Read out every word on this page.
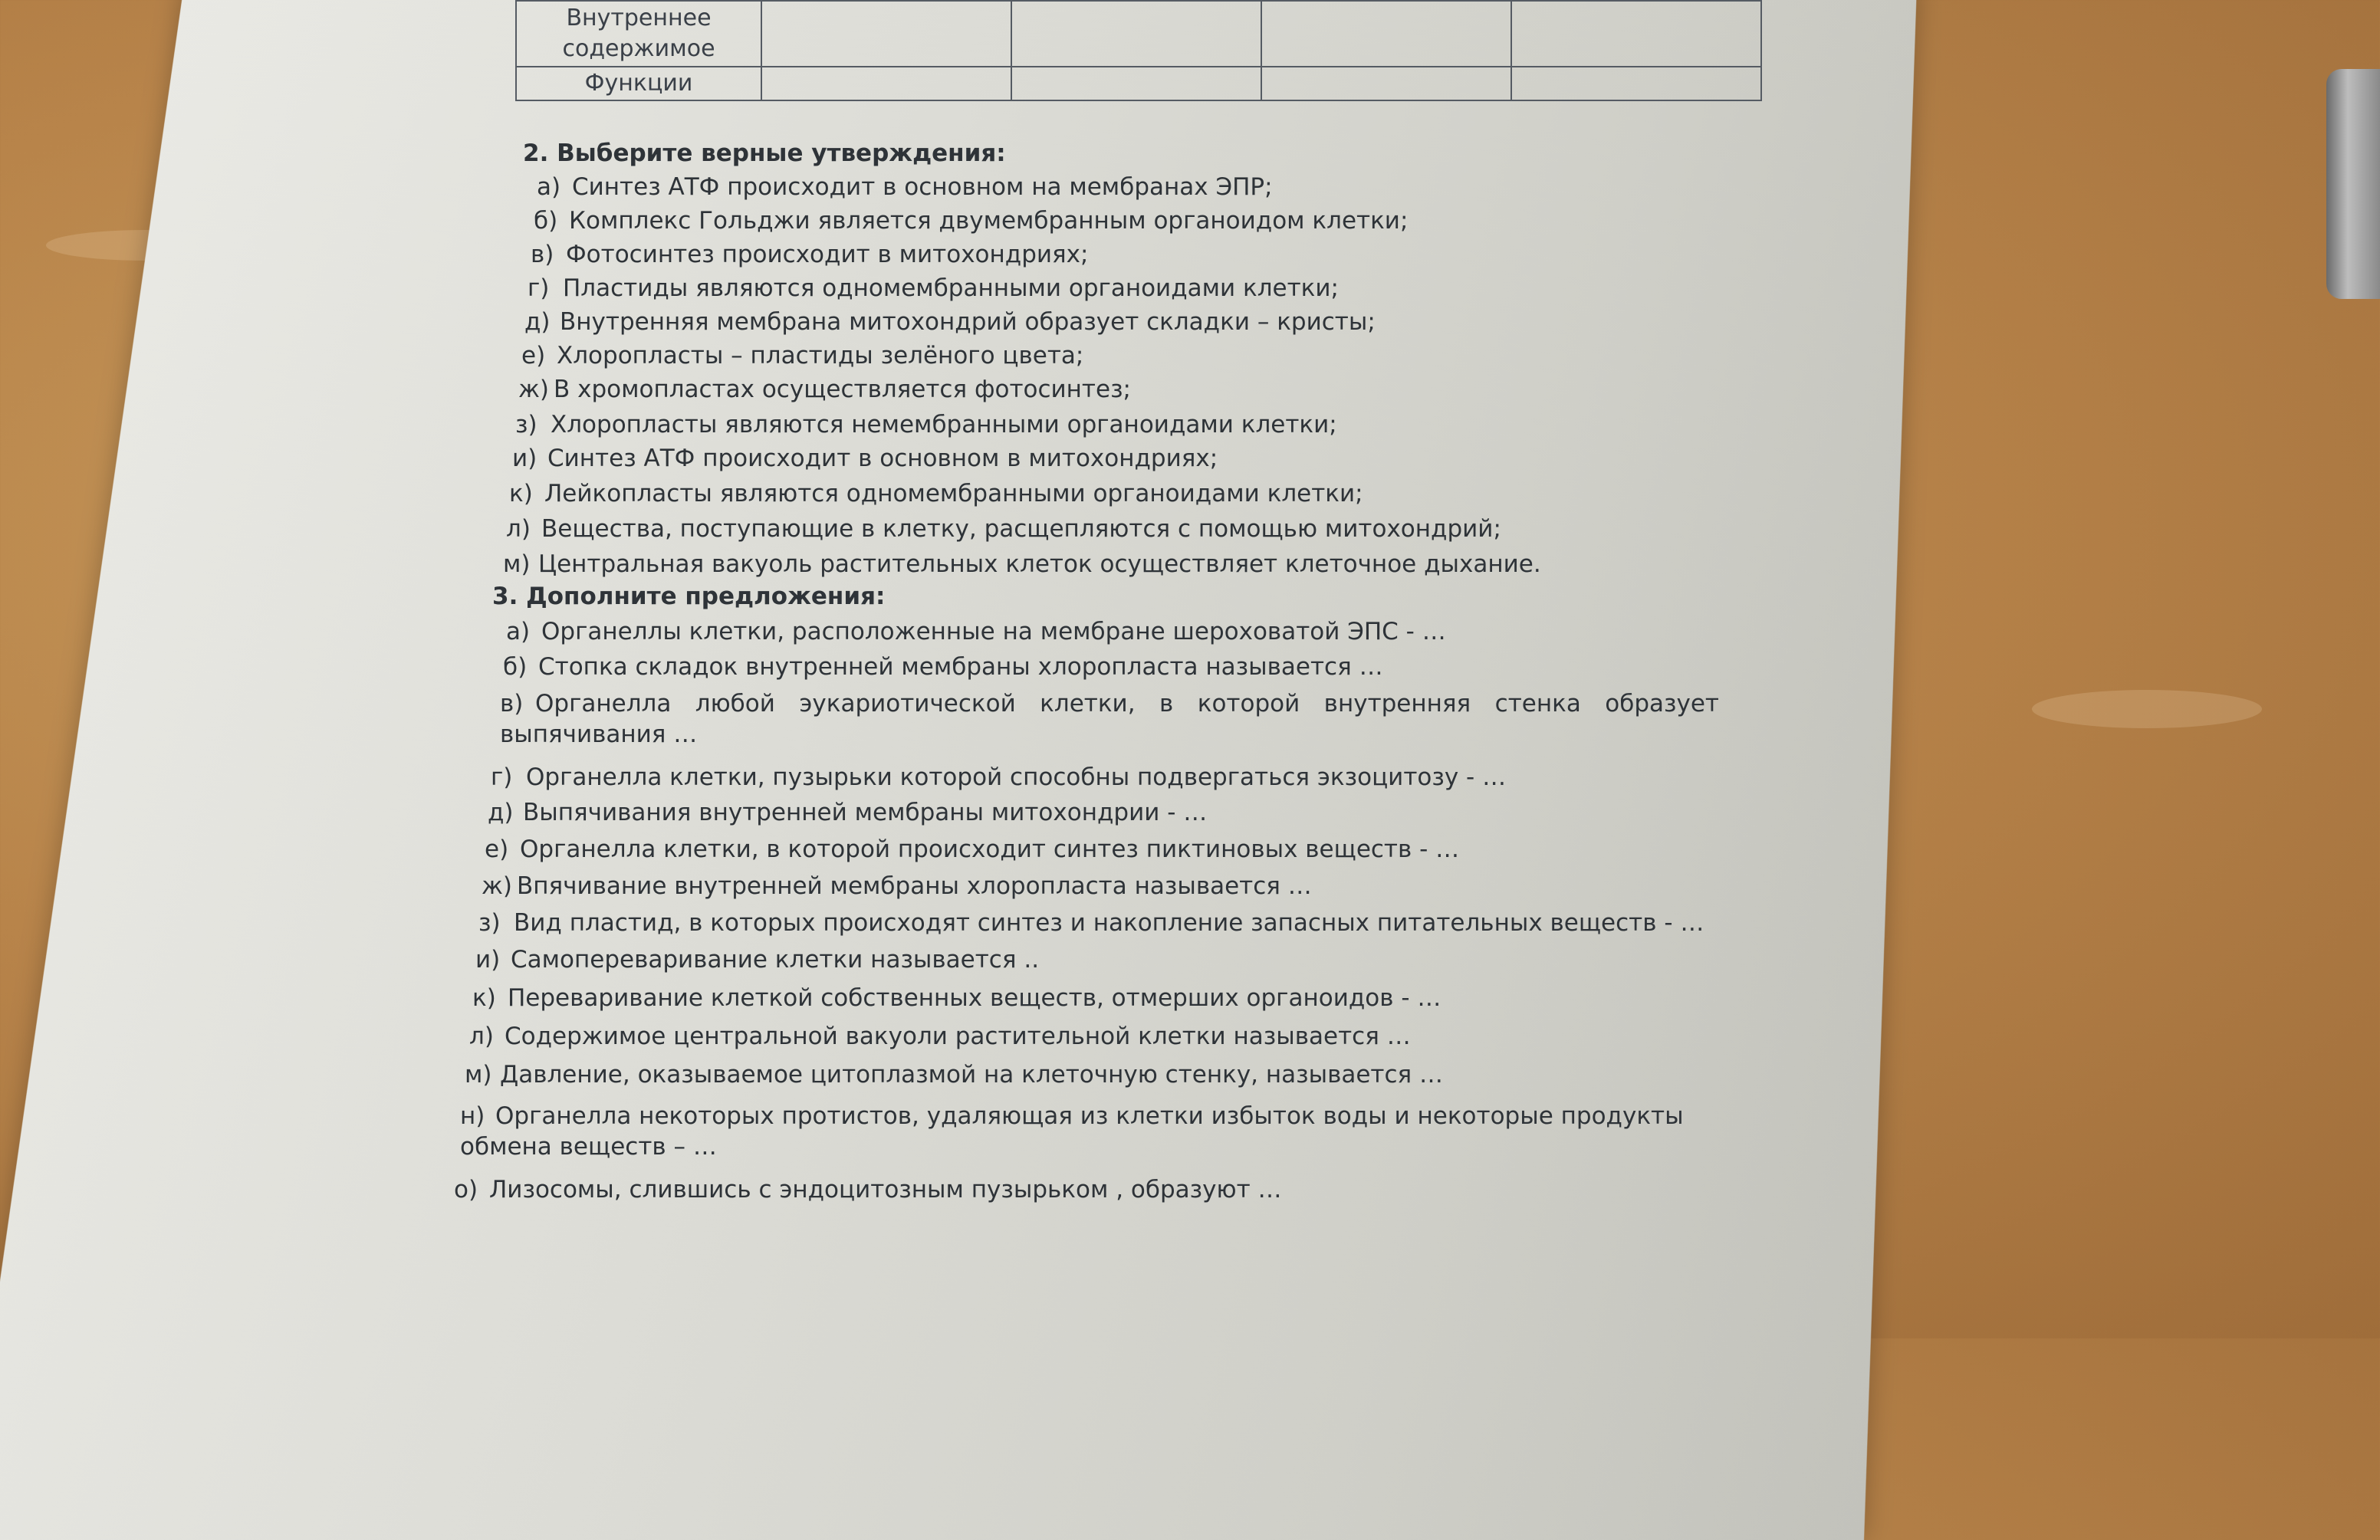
Внутреннее содержимое				
Функции				
2. Выберите верные утверждения:
а) Синтез АТФ происходит в основном на мембранах ЭПР;
б) Комплекс Гольджи является двумембранным органоидом клетки;
в) Фотосинтез происходит в митохондриях;
г) Пластиды являются одномембранными органоидами клетки;
д) Внутренняя мембрана митохондрий образует складки – кристы;
е) Хлоропласты – пластиды зелёного цвета;
ж) В хромопластах осуществляется фотосинтез;
з) Хлоропласты являются немембранными органоидами клетки;
и) Синтез АТФ происходит в основном в митохондриях;
к) Лейкопласты являются одномембранными органоидами клетки;
л) Вещества, поступающие в клетку, расщепляются с помощью митохондрий;
м) Центральная вакуоль растительных клеток осуществляет клеточное дыхание.
3. Дополните предложения:
а) Органеллы клетки, расположенные на мембране шероховатой ЭПС - …
б) Стопка складок внутренней мембраны хлоропласта называется …
в) Органелла любой эукариотической клетки, в которой внутренняя стенка образует выпячивания …
г) Органелла клетки, пузырьки которой способны подвергаться экзоцитозу - …
д) Выпячивания внутренней мембраны митохондрии - …
е) Органелла клетки, в которой происходит синтез пиктиновых веществ - …
ж) Впячивание внутренней мембраны хлоропласта называется …
з) Вид пластид, в которых происходят синтез и накопление запасных питательных веществ - …
и) Самопереваривание клетки называется ..
к) Переваривание клеткой собственных веществ, отмерших органоидов - …
л) Содержимое центральной вакуоли растительной клетки называется …
м) Давление, оказываемое цитоплазмой на клеточную стенку, называется …
н) Органелла некоторых протистов, удаляющая из клетки избыток воды и некоторые продукты обмена веществ – …
о) Лизосомы, слившись с эндоцитозным пузырьком , образуют …
